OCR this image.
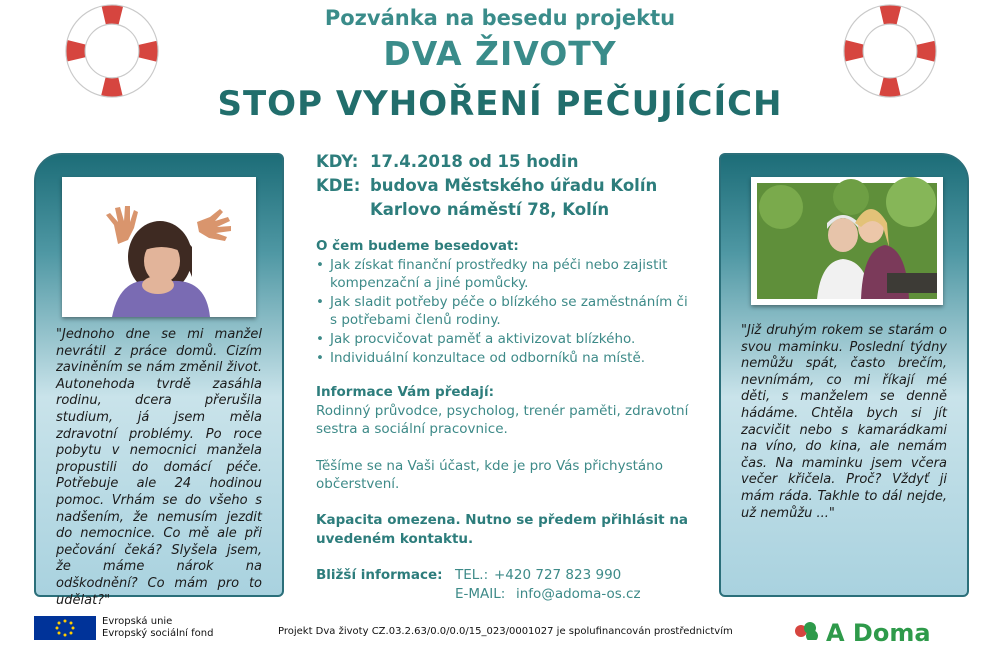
Pozvánka na besedu projektu
DVA ŽIVOTY
STOP VYHOŘENÍ PEČUJÍCÍCH
"Jednoho dne se mi manžel nevrátil z práce domů. Cizím zaviněním se nám změnil život. Autonehoda tvrdě zasáhla rodinu, dcera přerušila studium, já jsem měla zdravotní problémy. Po roce pobytu v nemocnici manžela propustili do domácí péče. Potřebuje ale 24 hodinou pomoc. Vrhám se do všeho s nadšením, že nemusím jezdit do nemocnice. Co mě ale při pečování čeká? Slyšela jsem, že máme nárok na odškodnění? Co mám pro to udělat?"
"Již druhým rokem se starám o svou maminku. Poslední týdny nemůžu spát, často brečím, nevnímám, co mi říkají mé děti, s manželem se denně hádáme. Chtěla bych si jít zacvičit nebo s kamarádkami na víno, do kina, ale nemám čas. Na maminku jsem včera večer křičela. Proč? Vždyť ji mám ráda. Takhle to dál nejde, už nemůžu ..."
KDY: 17.4.2018 od 15 hodin
KDE: budova Městského úřadu Kolín
Karlovo náměstí 78, Kolín
O čem budeme besedovat:
• Jak získat finanční prostředky na péči nebo zajistit kompenzační a jiné pomůcky.
• Jak sladit potřeby péče o blízkého se zaměstnáním či s potřebami členů rodiny.
• Jak procvičovat paměť a aktivizovat blízkého.
• Individuální konzultace od odborníků na místě.
Informace Vám předají:
Rodinný průvodce, psycholog, trenér paměti, zdravotní sestra a sociální pracovnice.
Těšíme se na Vaši účast, kde je pro Vás přichystáno občerstvení.
Kapacita omezena. Nutno se předem přihlásit na uvedeném kontaktu.
Bližší informace: TEL.: +420 727 823 990
E-MAIL: info@adoma-os.cz
Evropská unie
Evropský sociální fond	Projekt Dva životy CZ.03.2.63/0.0/0.0/15_023/0001027 je spolufinancován prostřednictvím	A Doma
